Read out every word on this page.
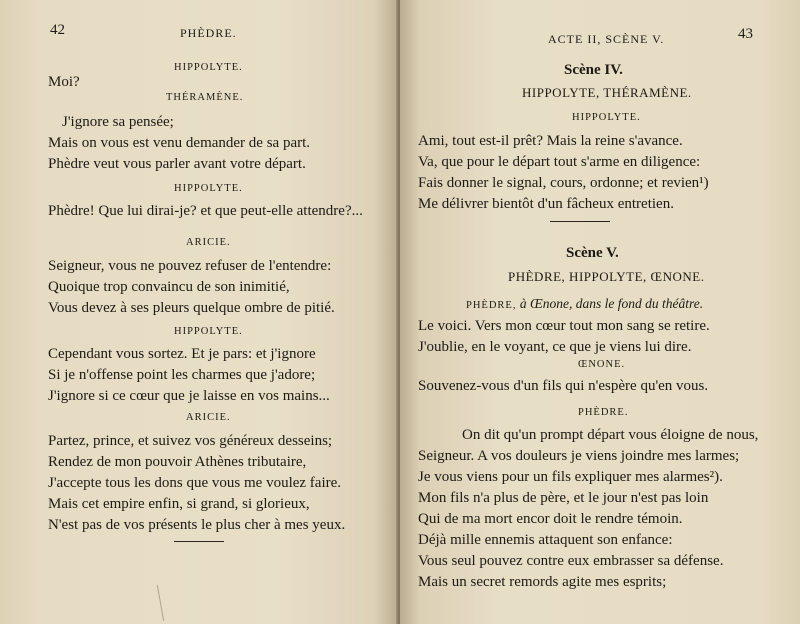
42	PHÈDRE.
HIPPOLYTE.
Moi?
THÉRAMÈNE.
J'ignore sa pensée;
Mais on vous est venu demander de sa part.
Phèdre veut vous parler avant votre départ.
HIPPOLYTE.
Phèdre! Que lui dirai-je? et que peut-elle attendre?...
ARICIE.
Seigneur, vous ne pouvez refuser de l'entendre:
Quoique trop convaincu de son inimitié,
Vous devez à ses pleurs quelque ombre de pitié.
HIPPOLYTE.
Cependant vous sortez. Et je pars: et j'ignore
Si je n'offense point les charmes que j'adore;
J'ignore si ce cœur que je laisse en vos mains...
ARICIE.
Partez, prince, et suivez vos généreux desseins;
Rendez de mon pouvoir Athènes tributaire,
J'accepte tous les dons que vous me voulez faire.
Mais cet empire enfin, si grand, si glorieux,
N'est pas de vos présents le plus cher à mes yeux.
ACTE II, SCÈNE V.	43
Scène IV.
HIPPOLYTE, THÉRAMÈNE.
HIPPOLYTE.
Ami, tout est-il prêt? Mais la reine s'avance.
Va, que pour le départ tout s'arme en diligence:
Fais donner le signal, cours, ordonne; et revien¹)
Me délivrer bientôt d'un fâcheux entretien.
Scène V.
PHÈDRE, HIPPOLYTE, ŒNONE.
PHÈDRE, à Œnone, dans le fond du théâtre.
Le voici. Vers mon cœur tout mon sang se retire.
J'oublie, en le voyant, ce que je viens lui dire.
ŒNONE.
Souvenez-vous d'un fils qui n'espère qu'en vous.
PHÈDRE.
On dit qu'un prompt départ vous éloigne de nous,
Seigneur. A vos douleurs je viens joindre mes larmes;
Je vous viens pour un fils expliquer mes alarmes²).
Mon fils n'a plus de père, et le jour n'est pas loin
Qui de ma mort encor doit le rendre témoin.
Déjà mille ennemis attaquent son enfance:
Vous seul pouvez contre eux embrasser sa défense.
Mais un secret remords agite mes esprits;
